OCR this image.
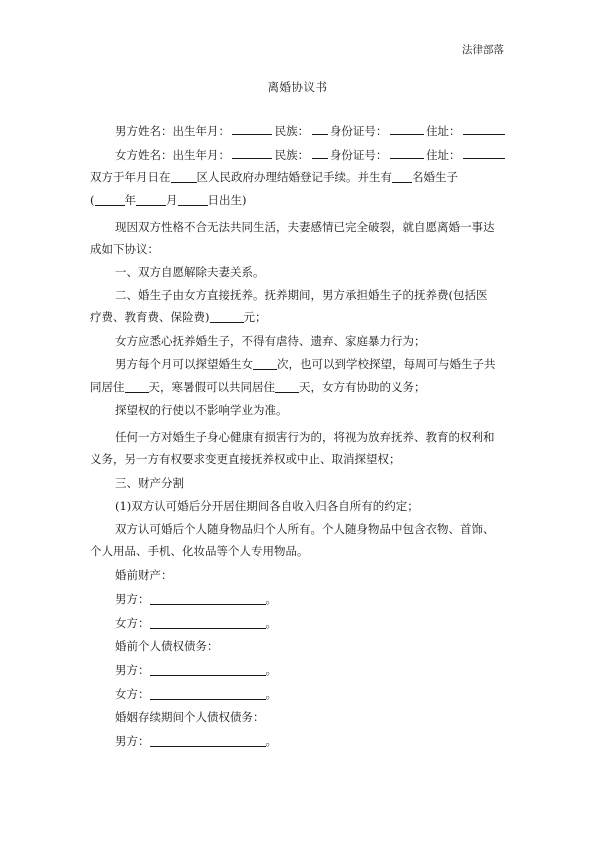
法律部落
离婚协议书
男方姓名：出生年月：	民族： 身份证号：	住址：
女方姓名：出生年月：	民族： 身份证号：	住址：
双方于年月日在 区人民政府办理结婚登记手续。并生有 名婚生子
(	年	月	日出生)
现因双方性格不合无法共同生活，夫妻感情已完全破裂，就自愿离婚一事达
成如下协议：
一、双方自愿解除夫妻关系。
二、婚生子由女方直接抚养。抚养期间，男方承担婚生子的抚养费(包括医
疗费、教育费、保险费)	元；
女方应悉心抚养婚生子，不得有虐待、遗弃、家庭暴力行为；
男方每个月可以探望婚生女 次，也可以到学校探望，每周可与婚生子共
同居住 天，寒暑假可以共同居住 天，女方有协助的义务；
探望权的行使以不影响学业为准。
任何一方对婚生子身心健康有损害行为的，将视为放弃抚养、教育的权利和
义务，另一方有权要求变更直接抚养权或中止、取消探望权；
三、财产分割
(1)双方认可婚后分开居住期间各自收入归各自所有的约定；
双方认可婚后个人随身物品归个人所有。个人随身物品中包含衣物、首饰、
个人用品、手机、化妆品等个人专用物品。
婚前财产：
男方：	。
女方：	。
婚前个人债权债务：
男方：	。
女方：	。
婚姻存续期间个人债权债务：
男方：	。
